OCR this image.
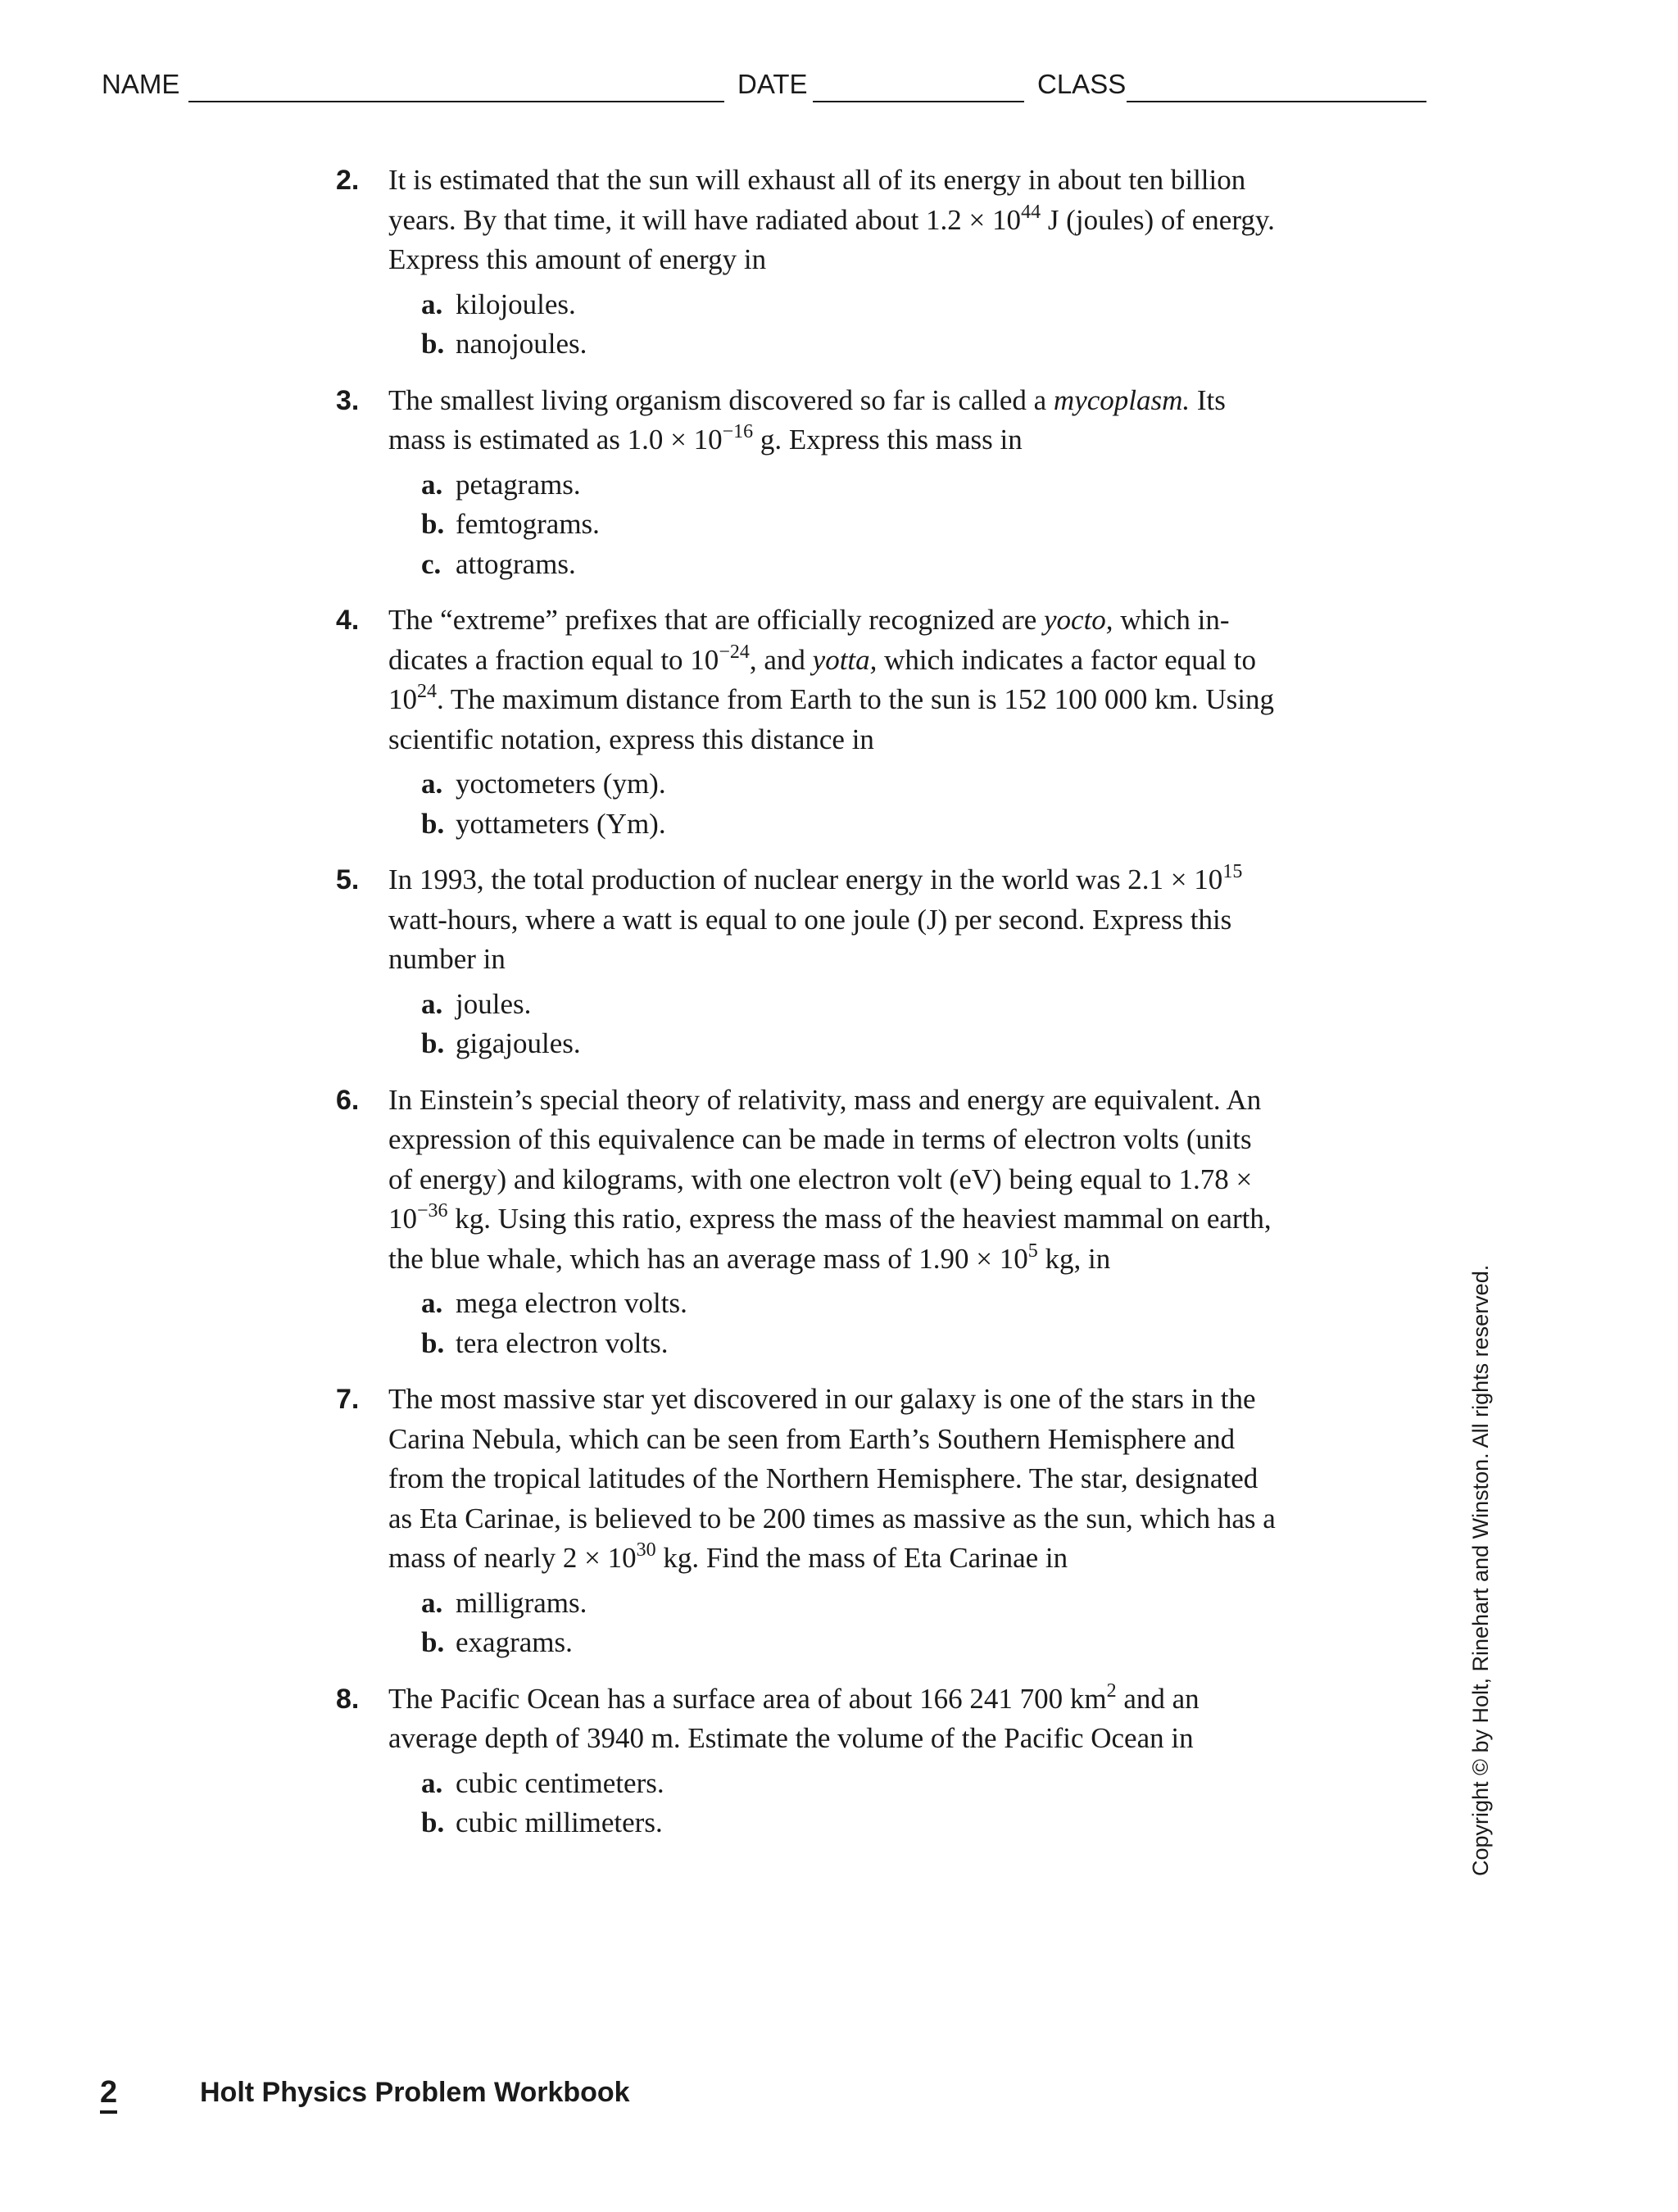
NAME	DATE	CLASS
2. It is estimated that the sun will exhaust all of its energy in about ten billion years. By that time, it will have radiated about $1.2 \times 10^{44}$ J (joules) of energy. Express this amount of energy in

a. kilojoules.
b. nanojoules.
3. The smallest living organism discovered so far is called a mycoplasm. Its mass is estimated as $1.0 \times 10^{-16}$ g. Express this mass in

a. petagrams.
b. femtograms.
c. attograms.
4. The “extreme” prefixes that are officially recognized are yocto, which in-dicates a fraction equal to $10^{-24}$, and yotta, which indicates a factor equal to $10^{24}$. The maximum distance from Earth to the sun is 152 100 000 km. Using scientific notation, express this distance in

a. yoctometers (ym).
b. yottameters (Ym).
5. In 1993, the total production of nuclear energy in the world was $2.1 \times 10^{15}$ watt-hours, where a watt is equal to one joule (J) per second. Express this number in

a. joules.
b. gigajoules.
6. In Einstein’s special theory of relativity, mass and energy are equivalent. An expression of this equivalence can be made in terms of electron volts (units of energy) and kilograms, with one electron volt (eV) being equal to $1.78 \times 10^{-36}$ kg. Using this ratio, express the mass of the heaviest mammal on earth, the blue whale, which has an average mass of $1.90 \times 10^5$ kg, in

a. mega electron volts.
b. tera electron volts.
7. The most massive star yet discovered in our galaxy is one of the stars in the Carina Nebula, which can be seen from Earth’s Southern Hemisphere and from the tropical latitudes of the Northern Hemisphere. The star, designated as Eta Carinae, is believed to be 200 times as massive as the sun, which has a mass of nearly $2 \times 10^{30}$ kg. Find the mass of Eta Carinae in

a. milligrams.
b. exagrams.
8. The Pacific Ocean has a surface area of about 166 241 700 $km^2$ and an average depth of 3940 m. Estimate the volume of the Pacific Ocean in

a. cubic centimeters.
b. cubic millimeters.	Copyright © by Holt, Rinehart and Winston. All rights reserved.
2	Holt Physics Problem Workbook
